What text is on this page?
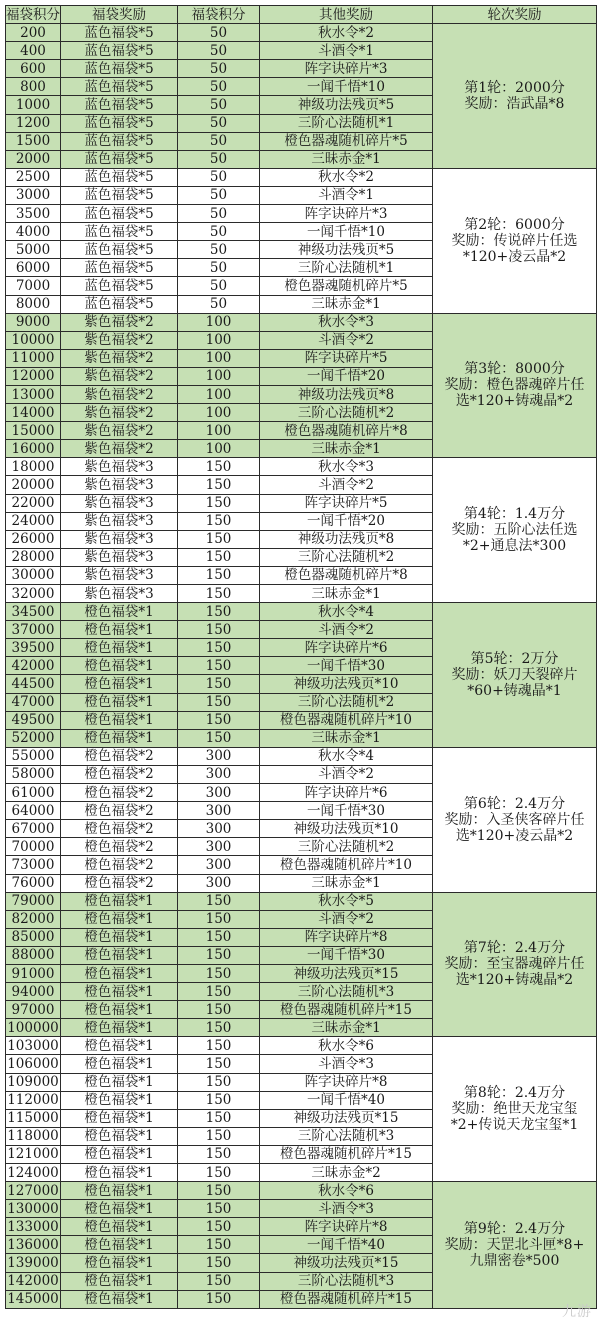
福袋积分	福袋奖励	福袋积分	其他奖励	轮次奖励
200	蓝色福袋*5	50	秋水令*2	第1轮：2000分
奖励：浩武晶*8

400	蓝色福袋*5	50	斗酒令*1	
600	蓝色福袋*5	50	阵字诀碎片*3	
800	蓝色福袋*5	50	一闻千悟*10	
1000	蓝色福袋*5	50	神级功法残页*5	
1200	蓝色福袋*5	50	三阶心法随机*1	
1500	蓝色福袋*5	50	橙色器魂随机碎片*5	
2000	蓝色福袋*5	50	三昧赤金*1	
2500	蓝色福袋*5	50	秋水令*2	第2轮：6000分
奖励：传说碎片任选
*120+凌云晶*2

3000	蓝色福袋*5	50	斗酒令*1	
3500	蓝色福袋*5	50	阵字诀碎片*3	
4000	蓝色福袋*5	50	一闻千悟*10	
5000	蓝色福袋*5	50	神级功法残页*5	
6000	蓝色福袋*5	50	三阶心法随机*1	
7000	蓝色福袋*5	50	橙色器魂随机碎片*5	
8000	蓝色福袋*5	50	三昧赤金*1	
9000	紫色福袋*2	100	秋水令*3	第3轮：8000分
奖励：橙色器魂碎片任
选*120+铸魂晶*2

10000	紫色福袋*2	100	斗酒令*2	
11000	紫色福袋*2	100	阵字诀碎片*5	
12000	紫色福袋*2	100	一闻千悟*20	
13000	紫色福袋*2	100	神级功法残页*8	
14000	紫色福袋*2	100	三阶心法随机*2	
15000	紫色福袋*2	100	橙色器魂随机碎片*8	
16000	紫色福袋*2	100	三昧赤金*1	
18000	紫色福袋*3	150	秋水令*3	第4轮：1.4万分
奖励：五阶心法任选
*2+通息法*300

20000	紫色福袋*3	150	斗酒令*2	
22000	紫色福袋*3	150	阵字诀碎片*5	
24000	紫色福袋*3	150	一闻千悟*20	
26000	紫色福袋*3	150	神级功法残页*8	
28000	紫色福袋*3	150	三阶心法随机*2	
30000	紫色福袋*3	150	橙色器魂随机碎片*8	
32000	紫色福袋*3	150	三昧赤金*1	
34500	橙色福袋*1	150	秋水令*4	第5轮：2万分
奖励：妖刀天裂碎片
*60+铸魂晶*1

37000	橙色福袋*1	150	斗酒令*2	
39500	橙色福袋*1	150	阵字诀碎片*6	
42000	橙色福袋*1	150	一闻千悟*30	
44500	橙色福袋*1	150	神级功法残页*10	
47000	橙色福袋*1	150	三阶心法随机*2	
49500	橙色福袋*1	150	橙色器魂随机碎片*10	
52000	橙色福袋*1	150	三昧赤金*1	
55000	橙色福袋*2	300	秋水令*4	第6轮：2.4万分
奖励：入圣侠客碎片任
选*120+凌云晶*2

58000	橙色福袋*2	300	斗酒令*2	
61000	橙色福袋*2	300	阵字诀碎片*6	
64000	橙色福袋*2	300	一闻千悟*30	
67000	橙色福袋*2	300	神级功法残页*10	
70000	橙色福袋*2	300	三阶心法随机*2	
73000	橙色福袋*2	300	橙色器魂随机碎片*10	
76000	橙色福袋*2	300	三昧赤金*1	
79000	橙色福袋*1	150	秋水令*5	第7轮：2.4万分
奖励：至宝器魂碎片任
选*120+铸魂晶*2

82000	橙色福袋*1	150	斗酒令*2	
85000	橙色福袋*1	150	阵字诀碎片*8	
88000	橙色福袋*1	150	一闻千悟*30	
91000	橙色福袋*1	150	神级功法残页*15	
94000	橙色福袋*1	150	三阶心法随机*3	
97000	橙色福袋*1	150	橙色器魂随机碎片*15	
100000	橙色福袋*1	150	三昧赤金*1	
103000	橙色福袋*1	150	秋水令*6	第8轮：2.4万分
奖励：绝世天龙宝玺
*2+传说天龙宝玺*1

106000	橙色福袋*1	150	斗酒令*3	
109000	橙色福袋*1	150	阵字诀碎片*8	
112000	橙色福袋*1	150	一闻千悟*40	
115000	橙色福袋*1	150	神级功法残页*15	
118000	橙色福袋*1	150	三阶心法随机*3	
121000	橙色福袋*1	150	橙色器魂随机碎片*15	
124000	橙色福袋*1	150	三昧赤金*2	
127000	橙色福袋*1	150	秋水令*6	第9轮：2.4万分
奖励：天罡北斗匣*8+
九鼎密卷*500

130000	橙色福袋*1	150	斗酒令*3	
133000	橙色福袋*1	150	阵字诀碎片*8	
136000	橙色福袋*1	150	一闻千悟*40	
139000	橙色福袋*1	150	神级功法残页*15	
142000	橙色福袋*1	150	三阶心法随机*3	
145000	橙色福袋*1	150	橙色器魂随机碎片*15	
九游
